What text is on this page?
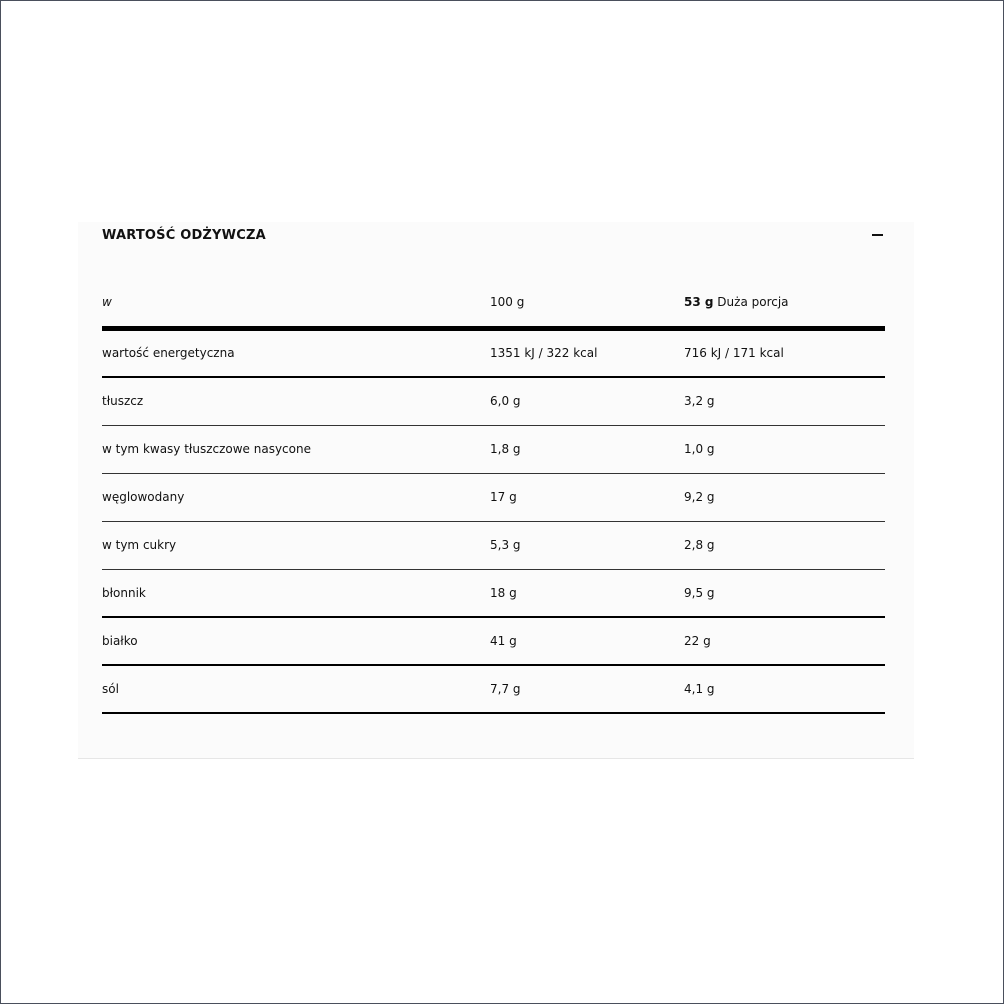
WARTOŚĆ ODŻYWCZA
w	100 g	53 g Duża porcja
wartość energetyczna	1351 kJ / 322 kcal	716 kJ / 171 kcal
tłuszcz	6,0 g	3,2 g
w tym kwasy tłuszczowe nasycone	1,8 g	1,0 g
węglowodany	17 g	9,2 g
w tym cukry	5,3 g	2,8 g
błonnik	18 g	9,5 g
białko	41 g	22 g
sól	7,7 g	4,1 g
